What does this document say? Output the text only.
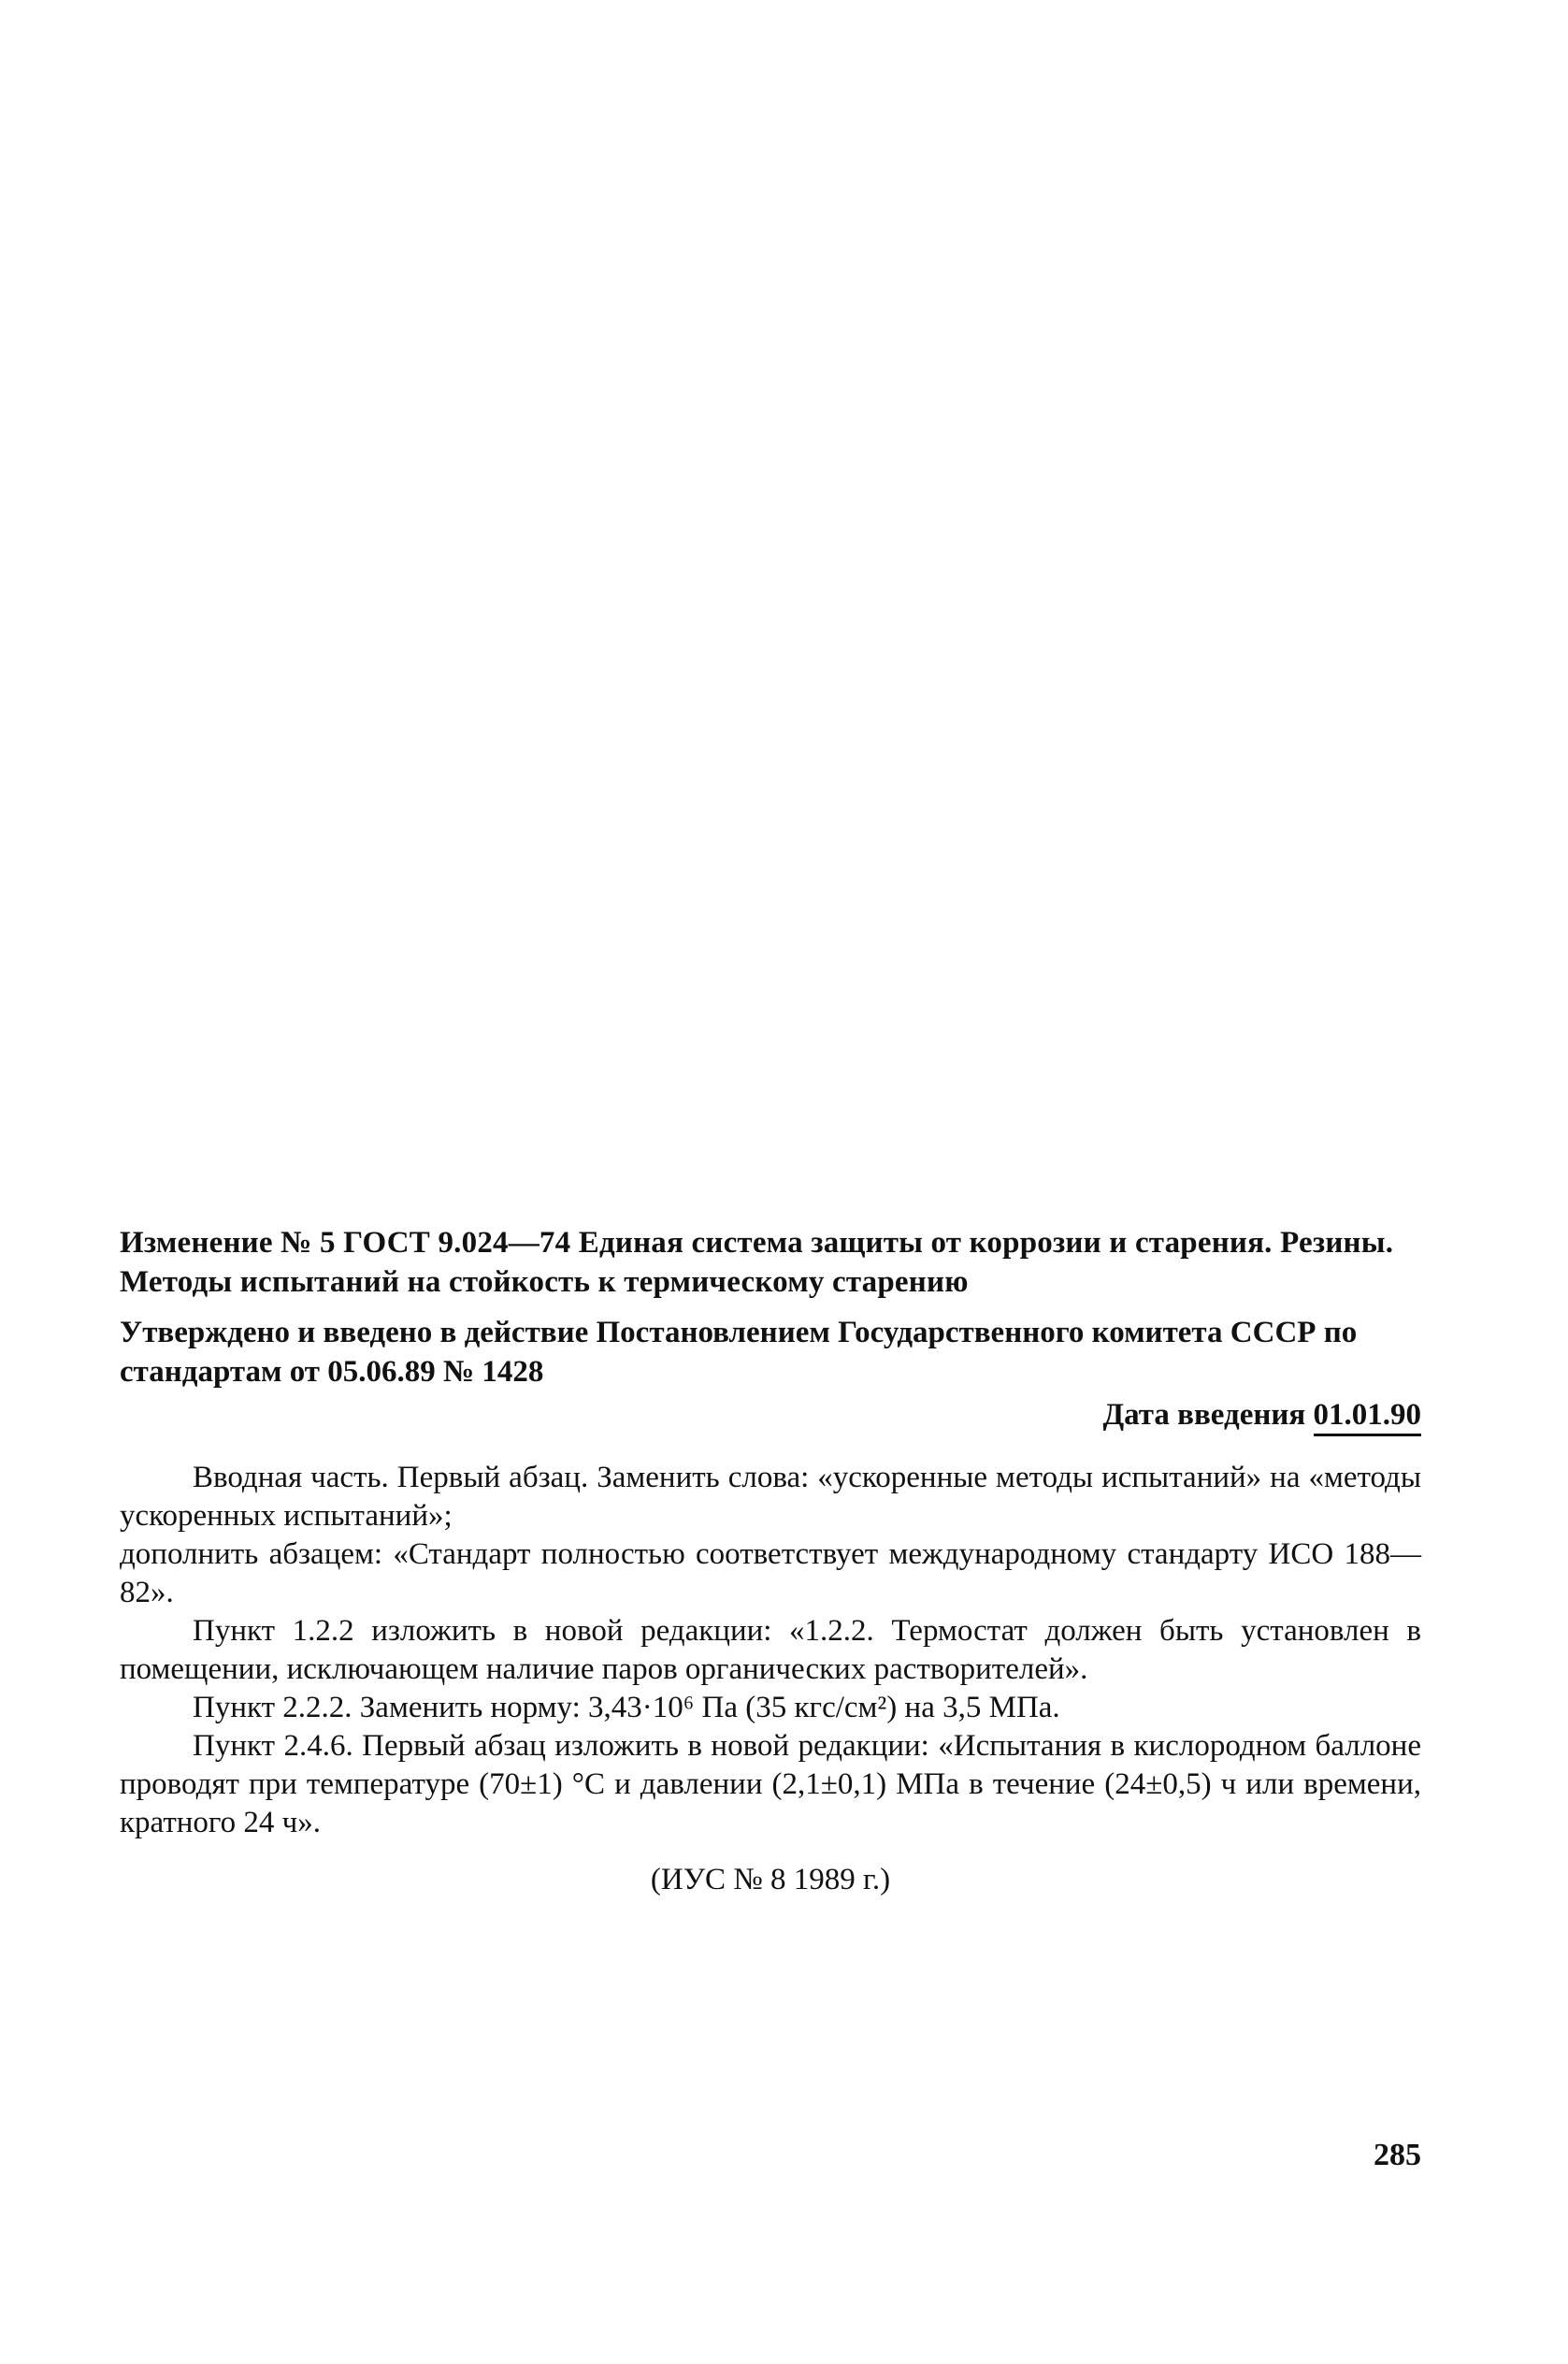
Изменение № 5 ГОСТ 9.024—74 Единая система защиты от коррозии и старения. Резины. Методы испытаний на стойкость к термическому старению

Утверждено и введено в действие Постановлением Государственного комитета СССР по стандартам от 05.06.89 № 1428

Дата введения 01.01.90

Вводная часть. Первый абзац. Заменить слова: «ускоренные методы испытаний» на «методы ускоренных испытаний»;

дополнить абзацем: «Стандарт полностью соответствует международному стандарту ИСО 188—82».

Пункт 1.2.2 изложить в новой редакции: «1.2.2. Термостат должен быть установлен в помещении, исключающем наличие паров органических растворителей».

Пункт 2.2.2. Заменить норму: 3,43·10⁶ Па (35 кгс/см²) на 3,5 МПа.

Пункт 2.4.6. Первый абзац изложить в новой редакции: «Испытания в кислородном баллоне проводят при температуре (70±1) °С и давлении (2,1±0,1) МПа в течение (24±0,5) ч или времени, кратного 24 ч».

(ИУС № 8 1989 г.)
285
